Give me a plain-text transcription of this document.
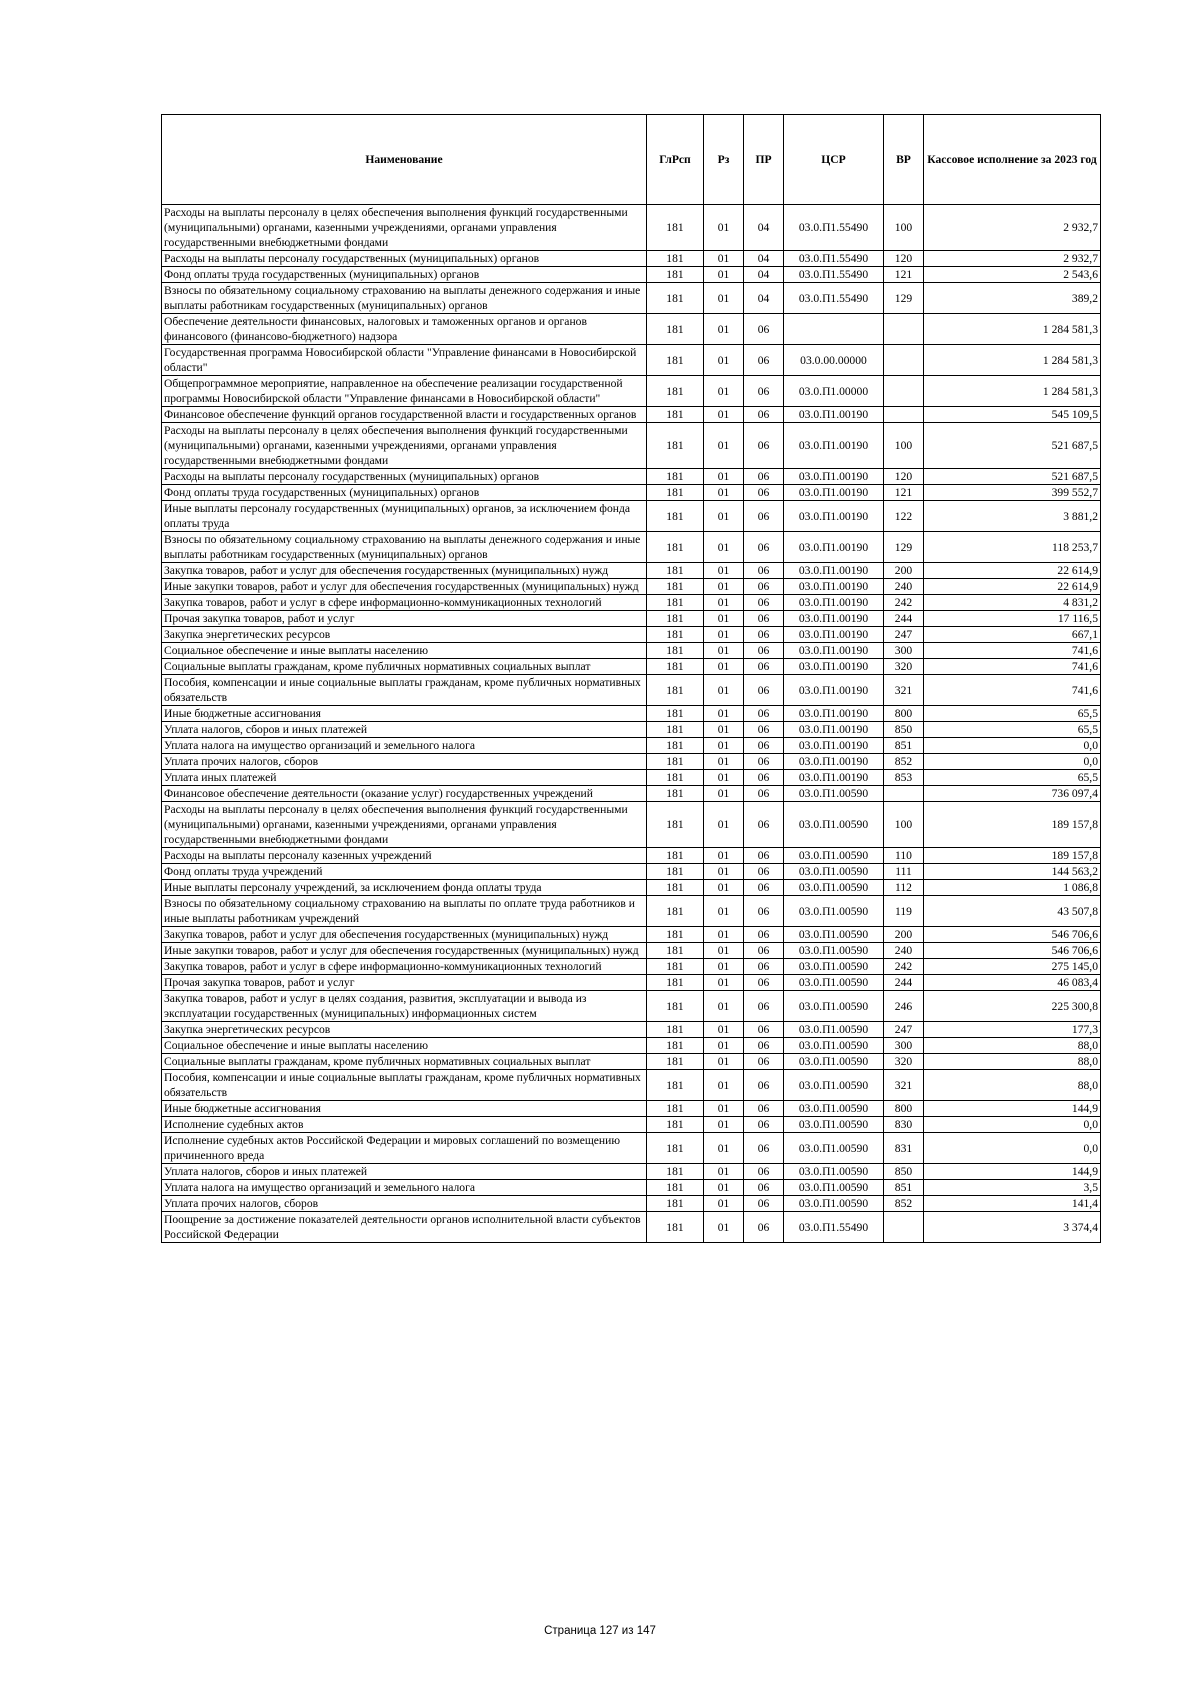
Наименование	ГлРсп	Рз	ПР	ЦСР	ВР	Кассовое исполнение за 2023 год
Расходы на выплаты персоналу в целях обеспечения выполнения функций государственными (муниципальными) органами, казенными учреждениями, органами управления государственными внебюджетными фондами	181	01	04	03.0.П1.55490	100	2 932,7
Расходы на выплаты персоналу государственных (муниципальных) органов	181	01	04	03.0.П1.55490	120	2 932,7
Фонд оплаты труда государственных (муниципальных) органов	181	01	04	03.0.П1.55490	121	2 543,6
Взносы по обязательному социальному страхованию на выплаты денежного содержания и иные выплаты работникам государственных (муниципальных) органов	181	01	04	03.0.П1.55490	129	389,2
Обеспечение деятельности финансовых, налоговых и таможенных органов и органов финансового (финансово-бюджетного) надзора	181	01	06			1 284 581,3
Государственная программа Новосибирской области "Управление финансами в Новосибирской области"	181	01	06	03.0.00.00000		1 284 581,3
Общепрограммное мероприятие, направленное на обеспечение реализации государственной программы Новосибирской области "Управление финансами в Новосибирской области"	181	01	06	03.0.П1.00000		1 284 581,3
Финансовое обеспечение функций органов государственной власти и государственных органов	181	01	06	03.0.П1.00190		545 109,5
Расходы на выплаты персоналу в целях обеспечения выполнения функций государственными (муниципальными) органами, казенными учреждениями, органами управления государственными внебюджетными фондами	181	01	06	03.0.П1.00190	100	521 687,5
Расходы на выплаты персоналу государственных (муниципальных) органов	181	01	06	03.0.П1.00190	120	521 687,5
Фонд оплаты труда государственных (муниципальных) органов	181	01	06	03.0.П1.00190	121	399 552,7
Иные выплаты персоналу государственных (муниципальных) органов, за исключением фонда оплаты труда	181	01	06	03.0.П1.00190	122	3 881,2
Взносы по обязательному социальному страхованию на выплаты денежного содержания и иные выплаты работникам государственных (муниципальных) органов	181	01	06	03.0.П1.00190	129	118 253,7
Закупка товаров, работ и услуг для обеспечения государственных (муниципальных) нужд	181	01	06	03.0.П1.00190	200	22 614,9
Иные закупки товаров, работ и услуг для обеспечения государственных (муниципальных) нужд	181	01	06	03.0.П1.00190	240	22 614,9
Закупка товаров, работ и услуг в сфере информационно-коммуникационных технологий	181	01	06	03.0.П1.00190	242	4 831,2
Прочая закупка товаров, работ и услуг	181	01	06	03.0.П1.00190	244	17 116,5
Закупка энергетических ресурсов	181	01	06	03.0.П1.00190	247	667,1
Социальное обеспечение и иные выплаты населению	181	01	06	03.0.П1.00190	300	741,6
Социальные выплаты гражданам, кроме публичных нормативных социальных выплат	181	01	06	03.0.П1.00190	320	741,6
Пособия, компенсации и иные социальные выплаты гражданам, кроме публичных нормативных обязательств	181	01	06	03.0.П1.00190	321	741,6
Иные бюджетные ассигнования	181	01	06	03.0.П1.00190	800	65,5
Уплата налогов, сборов и иных платежей	181	01	06	03.0.П1.00190	850	65,5
Уплата налога на имущество организаций и земельного налога	181	01	06	03.0.П1.00190	851	0,0
Уплата прочих налогов, сборов	181	01	06	03.0.П1.00190	852	0,0
Уплата иных платежей	181	01	06	03.0.П1.00190	853	65,5
Финансовое обеспечение деятельности (оказание услуг) государственных учреждений	181	01	06	03.0.П1.00590		736 097,4
Расходы на выплаты персоналу в целях обеспечения выполнения функций государственными (муниципальными) органами, казенными учреждениями, органами управления государственными внебюджетными фондами	181	01	06	03.0.П1.00590	100	189 157,8
Расходы на выплаты персоналу казенных учреждений	181	01	06	03.0.П1.00590	110	189 157,8
Фонд оплаты труда учреждений	181	01	06	03.0.П1.00590	111	144 563,2
Иные выплаты персоналу учреждений, за исключением фонда оплаты труда	181	01	06	03.0.П1.00590	112	1 086,8
Взносы по обязательному социальному страхованию на выплаты по оплате труда работников и иные выплаты работникам учреждений	181	01	06	03.0.П1.00590	119	43 507,8
Закупка товаров, работ и услуг для обеспечения государственных (муниципальных) нужд	181	01	06	03.0.П1.00590	200	546 706,6
Иные закупки товаров, работ и услуг для обеспечения государственных (муниципальных) нужд	181	01	06	03.0.П1.00590	240	546 706,6
Закупка товаров, работ и услуг в сфере информационно-коммуникационных технологий	181	01	06	03.0.П1.00590	242	275 145,0
Прочая закупка товаров, работ и услуг	181	01	06	03.0.П1.00590	244	46 083,4
Закупка товаров, работ и услуг в целях создания, развития, эксплуатации и вывода из эксплуатации государственных (муниципальных) информационных систем	181	01	06	03.0.П1.00590	246	225 300,8
Закупка энергетических ресурсов	181	01	06	03.0.П1.00590	247	177,3
Социальное обеспечение и иные выплаты населению	181	01	06	03.0.П1.00590	300	88,0
Социальные выплаты гражданам, кроме публичных нормативных социальных выплат	181	01	06	03.0.П1.00590	320	88,0
Пособия, компенсации и иные социальные выплаты гражданам, кроме публичных нормативных обязательств	181	01	06	03.0.П1.00590	321	88,0
Иные бюджетные ассигнования	181	01	06	03.0.П1.00590	800	144,9
Исполнение судебных актов	181	01	06	03.0.П1.00590	830	0,0
Исполнение судебных актов Российской Федерации и мировых соглашений по возмещению причиненного вреда	181	01	06	03.0.П1.00590	831	0,0
Уплата налогов, сборов и иных платежей	181	01	06	03.0.П1.00590	850	144,9
Уплата налога на имущество организаций и земельного налога	181	01	06	03.0.П1.00590	851	3,5
Уплата прочих налогов, сборов	181	01	06	03.0.П1.00590	852	141,4
Поощрение за достижение показателей деятельности органов исполнительной власти субъектов Российской Федерации	181	01	06	03.0.П1.55490		3 374,4
Страница 127 из 147
